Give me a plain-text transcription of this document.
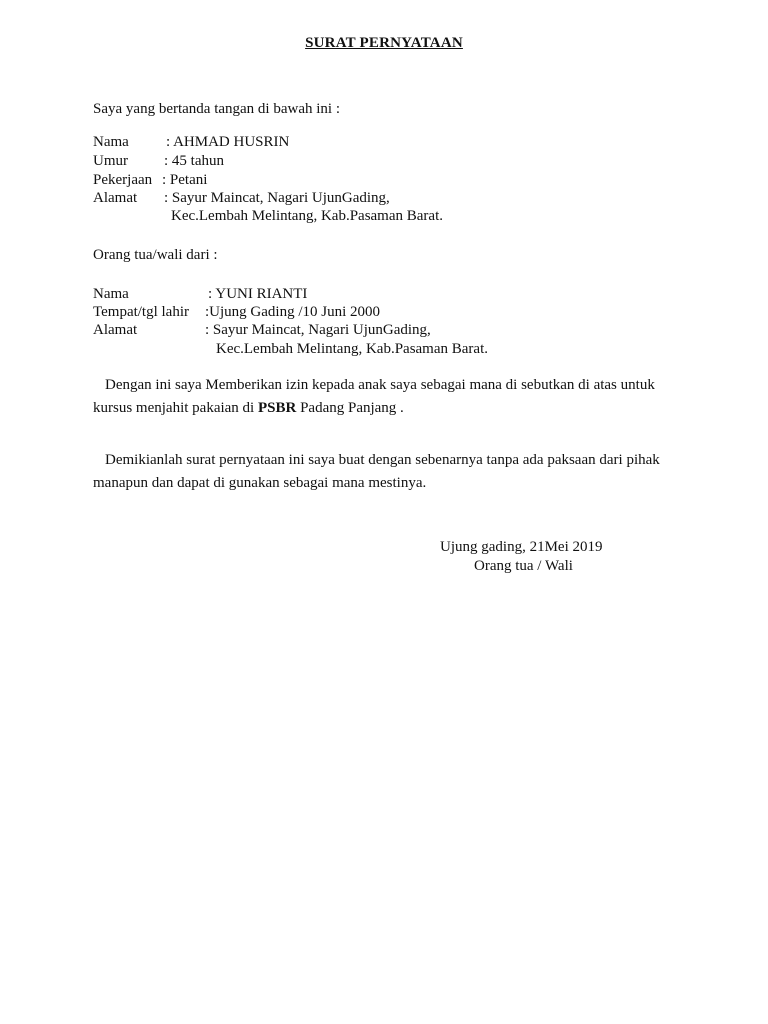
SURAT PERNYATAAN
Saya yang bertanda tangan di bawah ini :
Nama : AHMAD HUSRIN
Umur : 45 tahun
Pekerjaan : Petani
Alamat : Sayur Maincat, Nagari UjunGading,
Kec.Lembah Melintang, Kab.Pasaman Barat.
Orang tua/wali dari :
Nama	: YUNI RIANTI
Tempat/tgl lahir :Ujung Gading /10 Juni 2000
Alamat	: Sayur Maincat, Nagari UjunGading,
Kec.Lembah Melintang, Kab.Pasaman Barat.
Dengan ini saya Memberikan izin kepada anak saya sebagai mana di sebutkan di atas untuk kursus menjahit pakaian di PSBR Padang Panjang .
Demikianlah surat pernyataan ini saya buat dengan sebenarnya tanpa ada paksaan dari pihak manapun dan dapat di gunakan sebagai mana mestinya.
Ujung gading, 21Mei 2019
Orang tua / Wali
